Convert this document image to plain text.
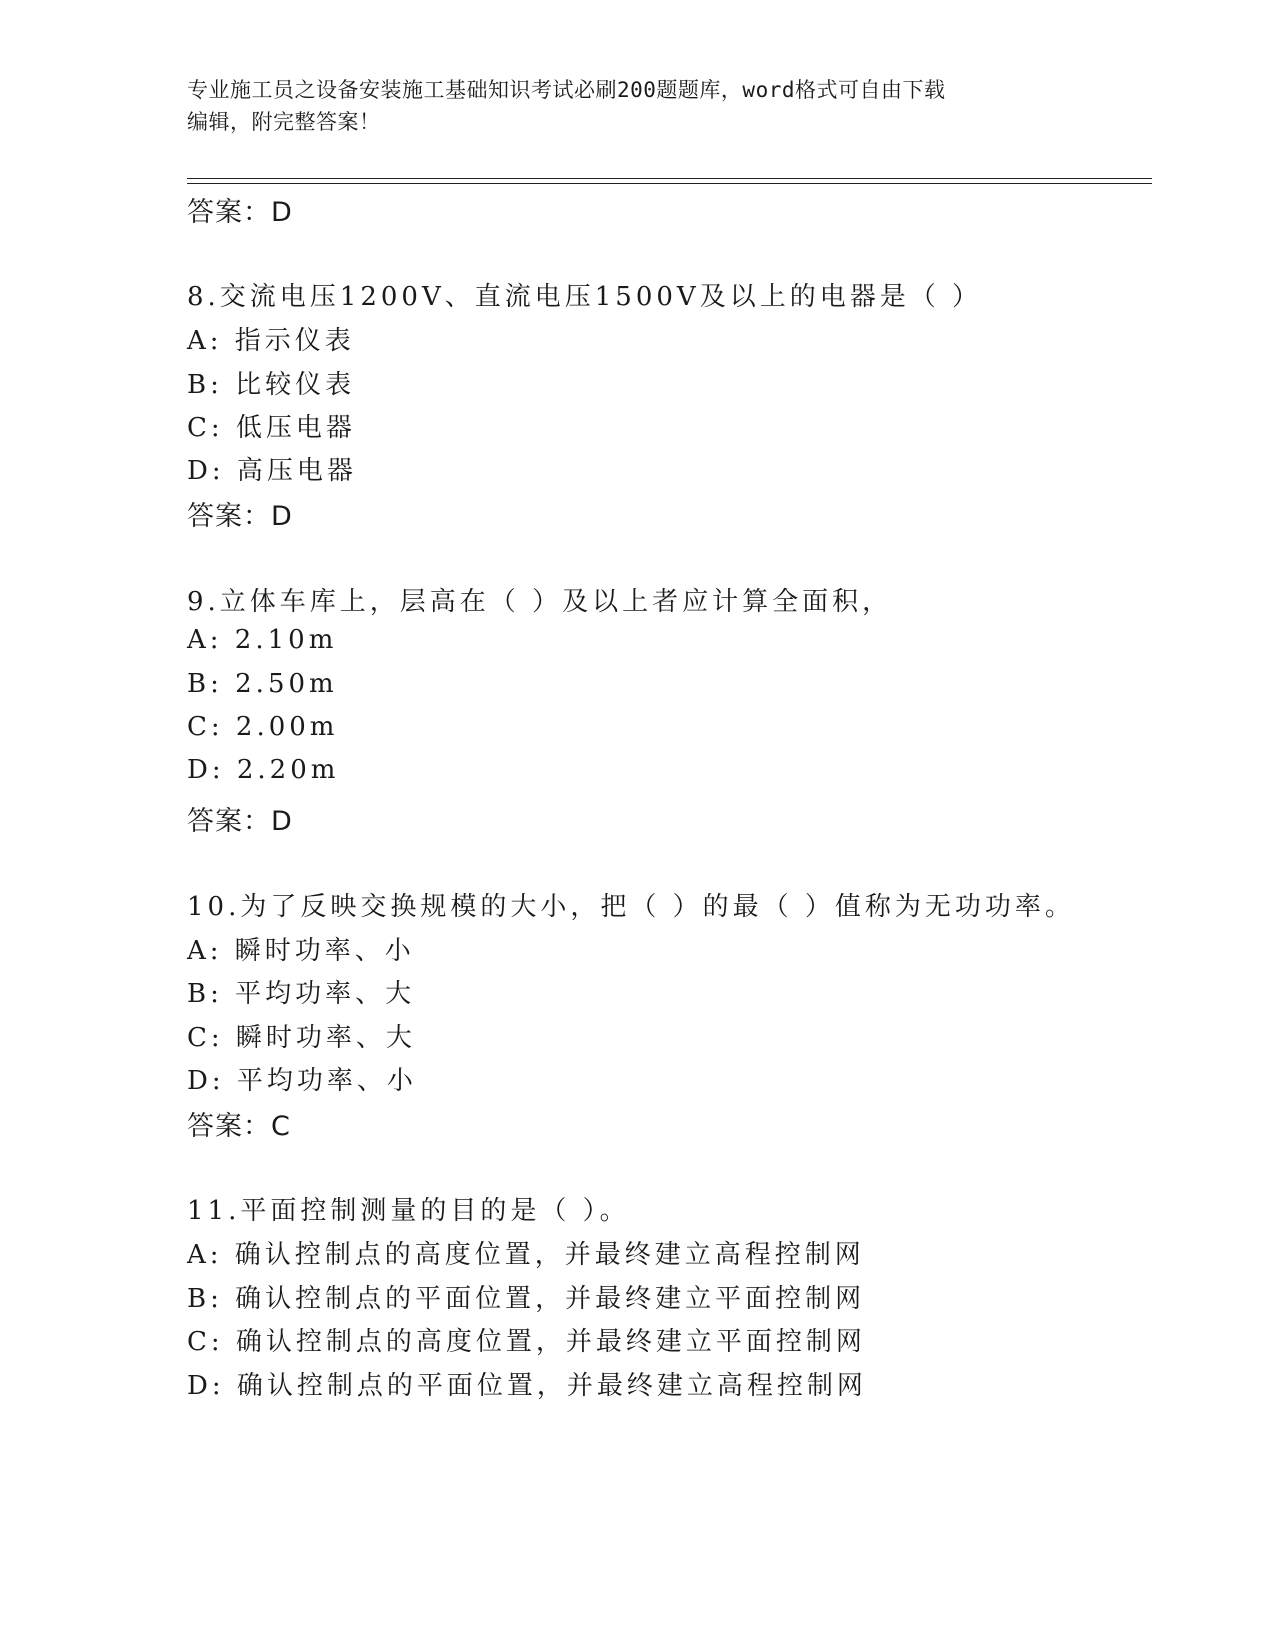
专业施工员之设备安装施工基础知识考试必刷200题题库，word格式可自由下载
编辑，附完整答案！
答案：D
8.交流电压1200V、直流电压1500V及以上的电器是（ ）
A: 指示仪表
B: 比较仪表
C: 低压电器
D: 高压电器
答案：D
9.立体车库上，层高在（ ）及以上者应计算全面积，
A: 2.10m
B: 2.50m
C: 2.00m
D: 2.20m
答案：D
10.为了反映交换规模的大小，把（ ）的最（ ）值称为无功功率。
A: 瞬时功率、小
B: 平均功率、大
C: 瞬时功率、大
D: 平均功率、小
答案：C
11.平面控制测量的目的是（ ）。
A: 确认控制点的高度位置，并最终建立高程控制网
B: 确认控制点的平面位置，并最终建立平面控制网
C: 确认控制点的高度位置，并最终建立平面控制网
D: 确认控制点的平面位置，并最终建立高程控制网
